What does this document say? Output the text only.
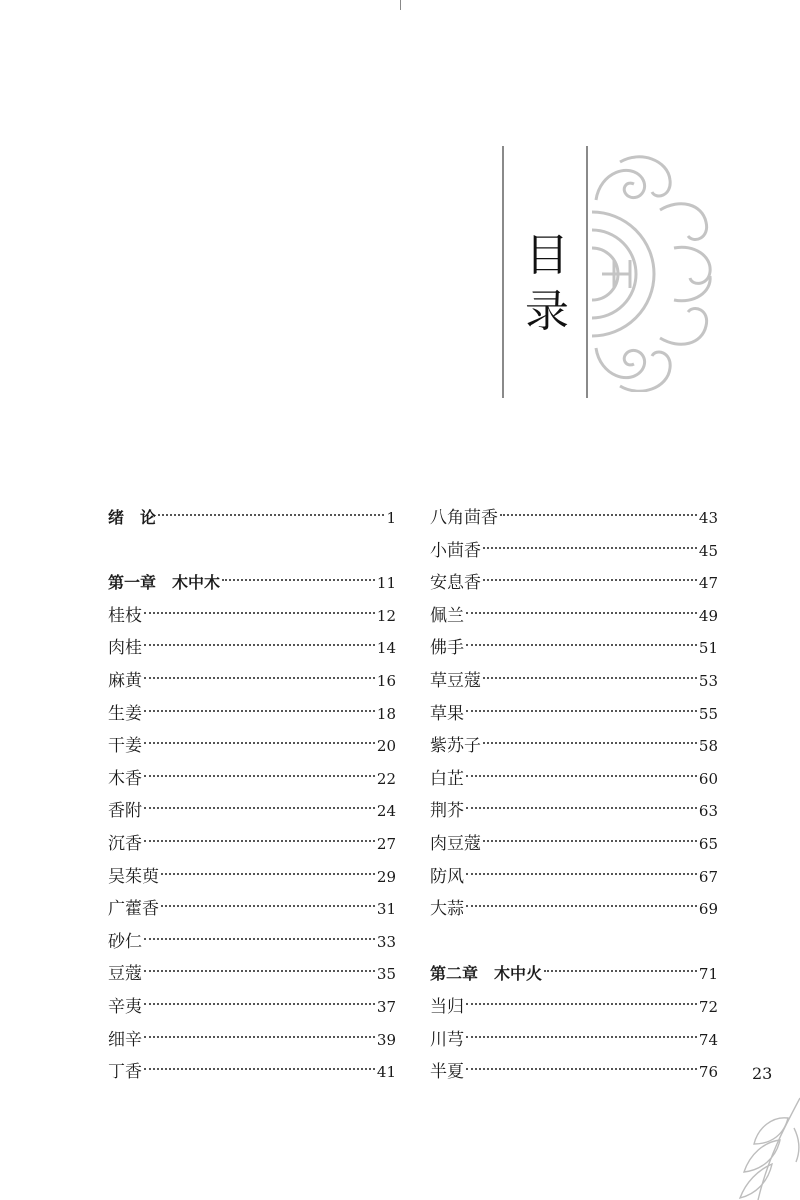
目
录
绪　论	1
第一章　木中木	11
桂枝	12
肉桂	14
麻黄	16
生姜	18
干姜	20
木香	22
香附	24
沉香	27
吴茱萸	29
广藿香	31
砂仁	33
豆蔻	35
辛夷	37
细辛	39
丁香	41
八角茴香	43
小茴香	45
安息香	47
佩兰	49
佛手	51
草豆蔻	53
草果	55
紫苏子	58
白芷	60
荆芥	63
肉豆蔻	65
防风	67
大蒜	69
第二章　木中火	71
当归	72
川芎	74
半夏	76 23
